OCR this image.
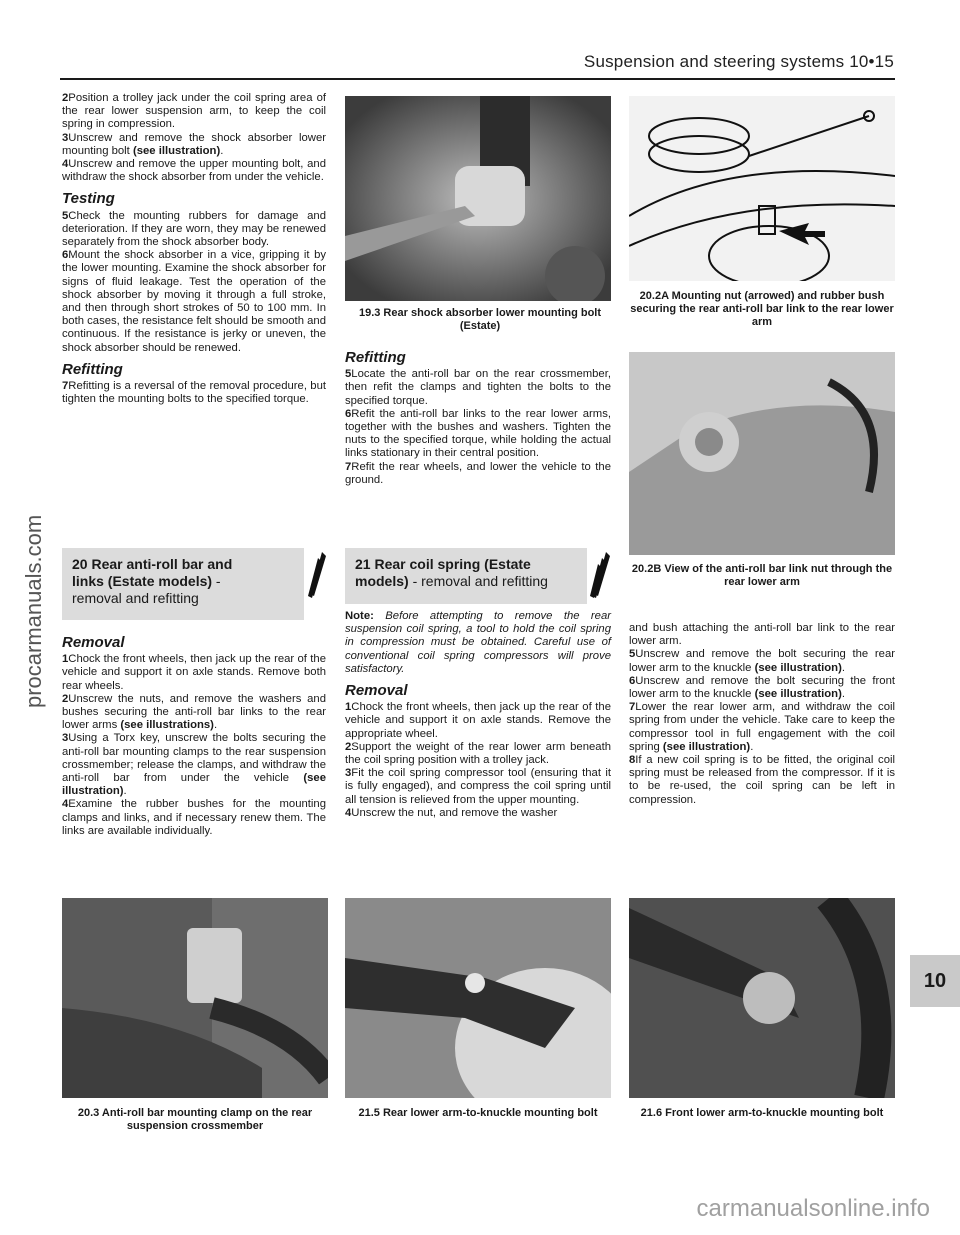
Suspension and steering systems 10•15

2Position a trolley jack under the coil spring area of the rear lower suspension arm, to keep the coil spring in compression.

3Unscrew and remove the shock absorber lower mounting bolt (see illustration).

4Unscrew and remove the upper mounting bolt, and withdraw the shock absorber from under the vehicle.

Testing

5Check the mounting rubbers for damage and deterioration. If they are worn, they may be renewed separately from the shock absorber body.

6Mount the shock absorber in a vice, gripping it by the lower mounting. Examine the shock absorber for signs of fluid leakage. Test the operation of the shock absorber by moving it through a full stroke, and then through short strokes of 50 to 100 mm. In both cases, the resistance felt should be smooth and continuous. If the resistance is jerky or uneven, the shock absorber should be renewed.

Refitting

7Refitting is a reversal of the removal procedure, but tighten the mounting bolts to the specified torque.

20 Rear anti-roll bar and links (Estate models) - removal and refitting
Removal

1Chock the front wheels, then jack up the rear of the vehicle and support it on axle stands. Remove both rear wheels.

2Unscrew the nuts, and remove the washers and bushes securing the anti-roll bar links to the rear lower arms (see illustrations).

3Using a Torx key, unscrew the bolts securing the anti-roll bar mounting clamps to the rear suspension crossmember; release the clamps, and withdraw the anti-roll bar from under the vehicle (see illustration).

4Examine the rubber bushes for the mounting clamps and links, and if necessary renew them. The links are available individually.

19.3 Rear shock absorber lower mounting bolt (Estate)
Refitting

5Locate the anti-roll bar on the rear crossmember, then refit the clamps and tighten the bolts to the specified torque.

6Refit the anti-roll bar links to the rear lower arms, together with the bushes and washers. Tighten the nuts to the specified torque, while holding the actual links stationary in their central position.

7Refit the rear wheels, and lower the vehicle to the ground.

21 Rear coil spring (Estate models) - removal and refitting

Note: Before attempting to remove the rear suspension coil spring, a tool to hold the coil spring in compression must be obtained. Careful use of conventional coil spring compressors will prove satisfactory.

Removal

1Chock the front wheels, then jack up the rear of the vehicle and support it on axle stands. Remove the appropriate wheel.

2Support the weight of the rear lower arm beneath the coil spring position with a trolley jack.

3Fit the coil spring compressor tool (ensuring that it is fully engaged), and compress the coil spring until all tension is relieved from the upper mounting.

4Unscrew the nut, and remove the washer

20.2A Mounting nut (arrowed) and rubber bush securing the rear anti-roll bar link to the rear lower arm
20.2B View of the anti-roll bar link nut through the rear lower arm

and bush attaching the anti-roll bar link to the rear lower arm.

5Unscrew and remove the bolt securing the rear lower arm to the knuckle (see illustration).

6Unscrew and remove the bolt securing the front lower arm to the knuckle (see illustration).

7Lower the rear lower arm, and withdraw the coil spring from under the vehicle. Take care to keep the compressor tool in full engagement with the coil spring (see illustration).

8If a new coil spring is to be fitted, the original coil spring must be released from the compressor. If it is to be re-used, the coil spring can be left in compression.

20.3 Anti-roll bar mounting clamp on the rear suspension crossmember
21.5 Rear lower arm-to-knuckle mounting bolt	21.6 Front lower arm-to-knuckle mounting bolt
10
procarmanuals.com
carmanualsonline.info
